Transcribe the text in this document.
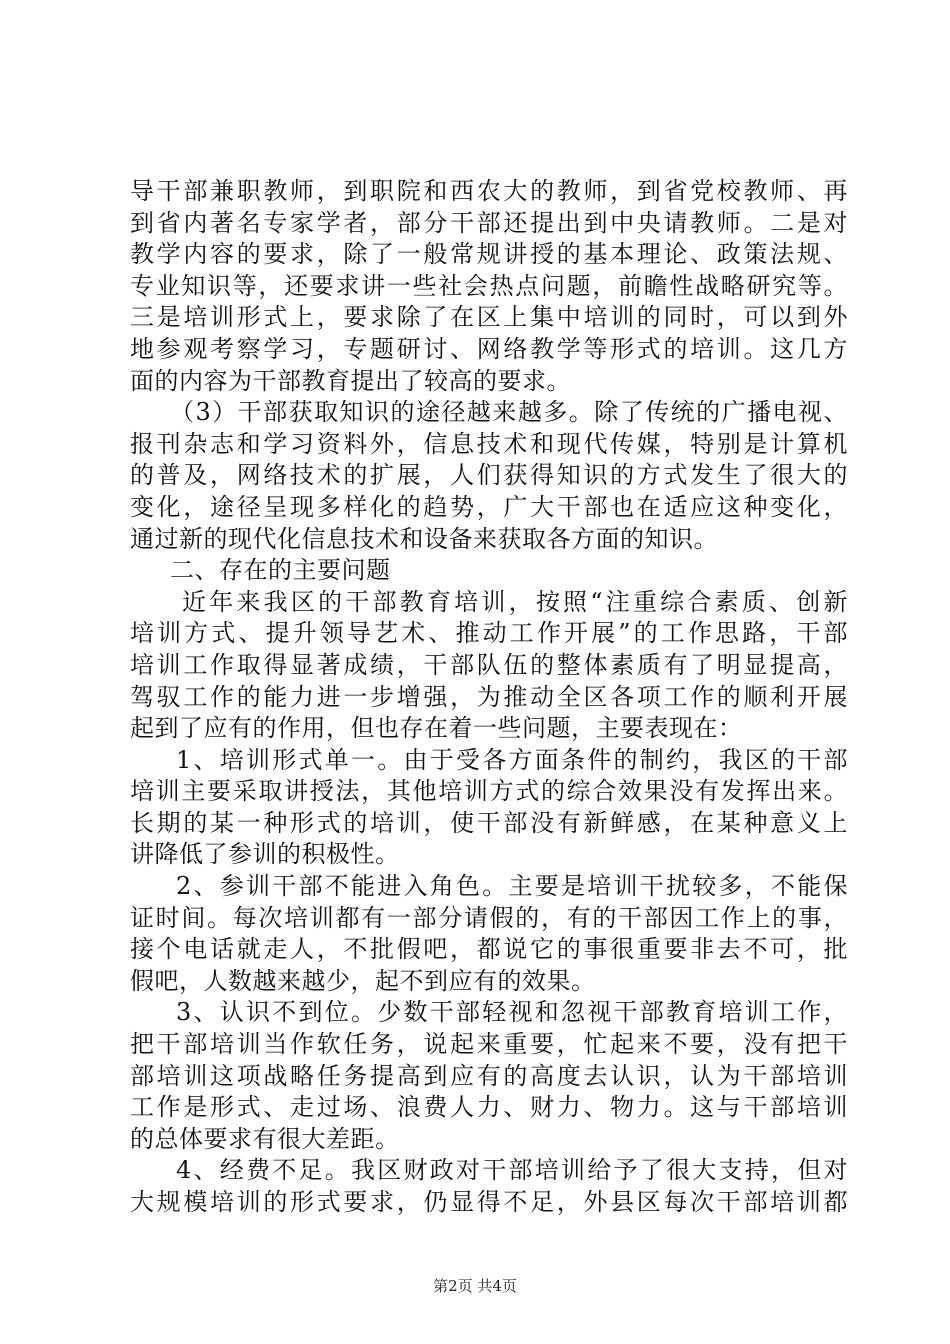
导干部兼职教师，到职院和西农大的教师，到省党校教师、再
到省内著名专家学者，部分干部还提出到中央请教师。二是对
教学内容的要求，除了一般常规讲授的基本理论、政策法规、
专业知识等，还要求讲一些社会热点问题，前瞻性战略研究等。
三是培训形式上，要求除了在区上集中培训的同时，可以到外
地参观考察学习，专题研讨、网络教学等形式的培训。这几方
面的内容为干部教育提出了较高的要求。
（3）干部获取知识的途径越来越多。除了传统的广播电视、
报刊杂志和学习资料外，信息技术和现代传媒，特别是计算机
的普及，网络技术的扩展，人们获得知识的方式发生了很大的
变化，途径呈现多样化的趋势，广大干部也在适应这种变化，
通过新的现代化信息技术和设备来获取各方面的知识。
二、存在的主要问题
近年来我区的干部教育培训，按照“注重综合素质、创新
培训方式、提升领导艺术、推动工作开展”的工作思路，干部
培训工作取得显著成绩，干部队伍的整体素质有了明显提高，
驾驭工作的能力进一步增强，为推动全区各项工作的顺利开展
起到了应有的作用，但也存在着一些问题，主要表现在：
1、培训形式单一。由于受各方面条件的制约，我区的干部
培训主要采取讲授法，其他培训方式的综合效果没有发挥出来。
长期的某一种形式的培训，使干部没有新鲜感，在某种意义上
讲降低了参训的积极性。
2、参训干部不能进入角色。主要是培训干扰较多，不能保
证时间。每次培训都有一部分请假的，有的干部因工作上的事，
接个电话就走人，不批假吧，都说它的事很重要非去不可，批
假吧，人数越来越少，起不到应有的效果。
3、认识不到位。少数干部轻视和忽视干部教育培训工作，
把干部培训当作软任务，说起来重要，忙起来不要，没有把干
部培训这项战略任务提高到应有的高度去认识，认为干部培训
工作是形式、走过场、浪费人力、财力、物力。这与干部培训
的总体要求有很大差距。
4、经费不足。我区财政对干部培训给予了很大支持，但对
大规模培训的形式要求，仍显得不足，外县区每次干部培训都
第2页 共4页
